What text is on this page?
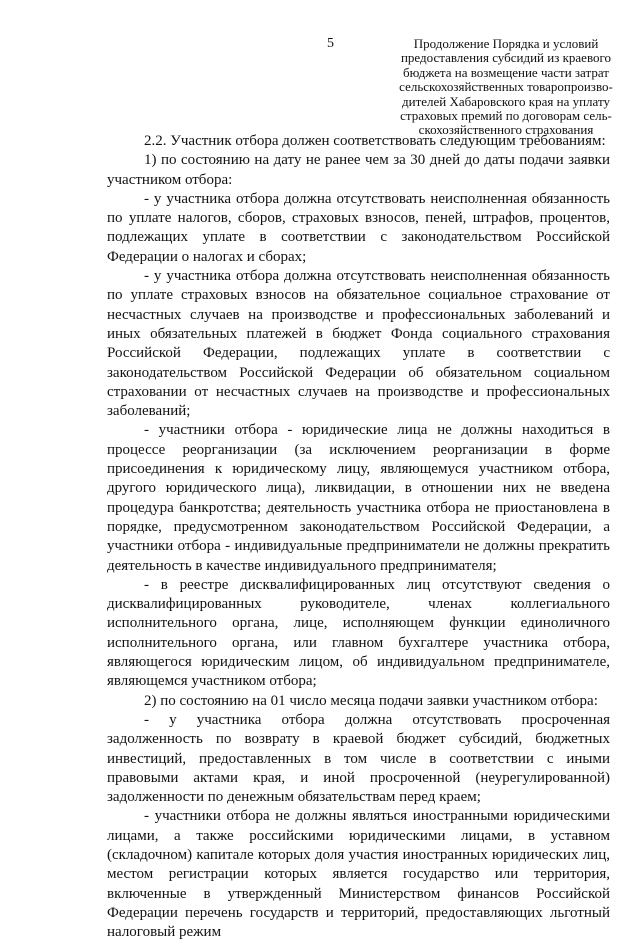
5	Продолжение Порядка и условий
предоставления субсидий из краевого
бюджета на возмещение части затрат
сельскохозяйственных товаропроизво-
дителей Хабаровского края на уплату
страховых премий по договорам сель-
скохозяйственного страхования

2.2. Участник отбора должен соответствовать следующим требованиям:

1) по состоянию на дату не ранее чем за 30 дней до даты подачи заявки участником отбора:

- у участника отбора должна отсутствовать неисполненная обязанность по уплате налогов, сборов, страховых взносов, пеней, штрафов, процентов, подлежащих уплате в соответствии с законодательством Российской Федерации о налогах и сборах;

- у участника отбора должна отсутствовать неисполненная обязанность по уплате страховых взносов на обязательное социальное страхование от несчастных случаев на производстве и профессиональных заболеваний и иных обязательных платежей в бюджет Фонда социального страхования Российской Федерации, подлежащих уплате в соответствии с законодательством Российской Федерации об обязательном социальном страховании от несчастных случаев на производстве и профессиональных заболеваний;

- участники отбора - юридические лица не должны находиться в процессе реорганизации (за исключением реорганизации в форме присоединения к юридическому лицу, являющемуся участником отбора, другого юридического лица), ликвидации, в отношении них не введена процедура банкротства; деятельность участника отбора не приостановлена в порядке, предусмотренном законодательством Российской Федерации, а участники отбора - индивидуальные предприниматели не должны прекратить деятельность в качестве индивидуального предпринимателя;

- в реестре дисквалифицированных лиц отсутствуют сведения о дисквалифицированных руководителе, членах коллегиального исполнительного органа, лице, исполняющем функции единоличного исполнительного органа, или главном бухгалтере участника отбора, являющегося юридическим лицом, об индивидуальном предпринимателе, являющемся участником отбора;

2) по состоянию на 01 число месяца подачи заявки участником отбора:

- у участника отбора должна отсутствовать просроченная задолженность по возврату в краевой бюджет субсидий, бюджетных инвестиций, предоставленных в том числе в соответствии с иными правовыми актами края, и иной просроченной (неурегулированной) задолженности по денежным обязательствам перед краем;

- участники отбора не должны являться иностранными юридическими лицами, а также российскими юридическими лицами, в уставном (складочном) капитале которых доля участия иностранных юридических лиц, местом регистрации которых является государство или территория, включенные в утвержденный Министерством финансов Российской Федерации перечень государств и территорий, предоставляющих льготный налоговый режим
